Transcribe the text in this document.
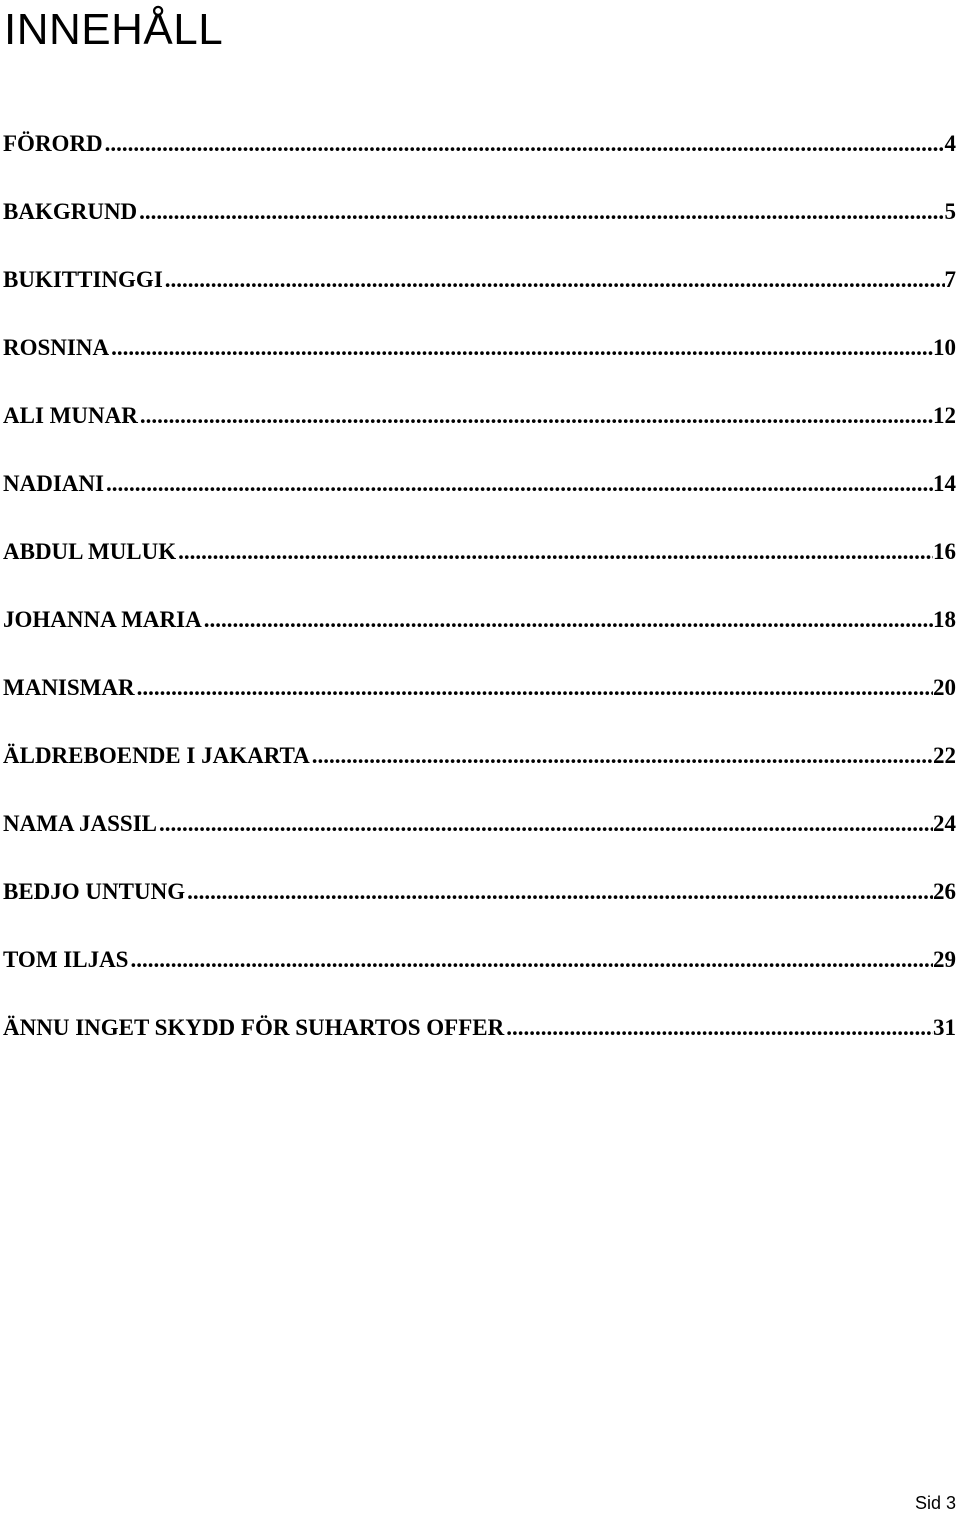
INNEHÅLL
FÖRORD .....	4
BAKGRUND .....	5
BUKITTINGGI .....	7
ROSNINA .....	10
ALI MUNAR .....	12
NADIANI .....	14
ABDUL MULUK .....	16
JOHANNA MARIA .....	18
MANISMAR .....	20
ÄLDREBOENDE I JAKARTA .....	22
NAMA JASSIL .....	24
BEDJO UNTUNG .....	26
TOM ILJAS .....	29
ÄNNU INGET SKYDD FÖR SUHARTOS OFFER .....	31
Sid 3
